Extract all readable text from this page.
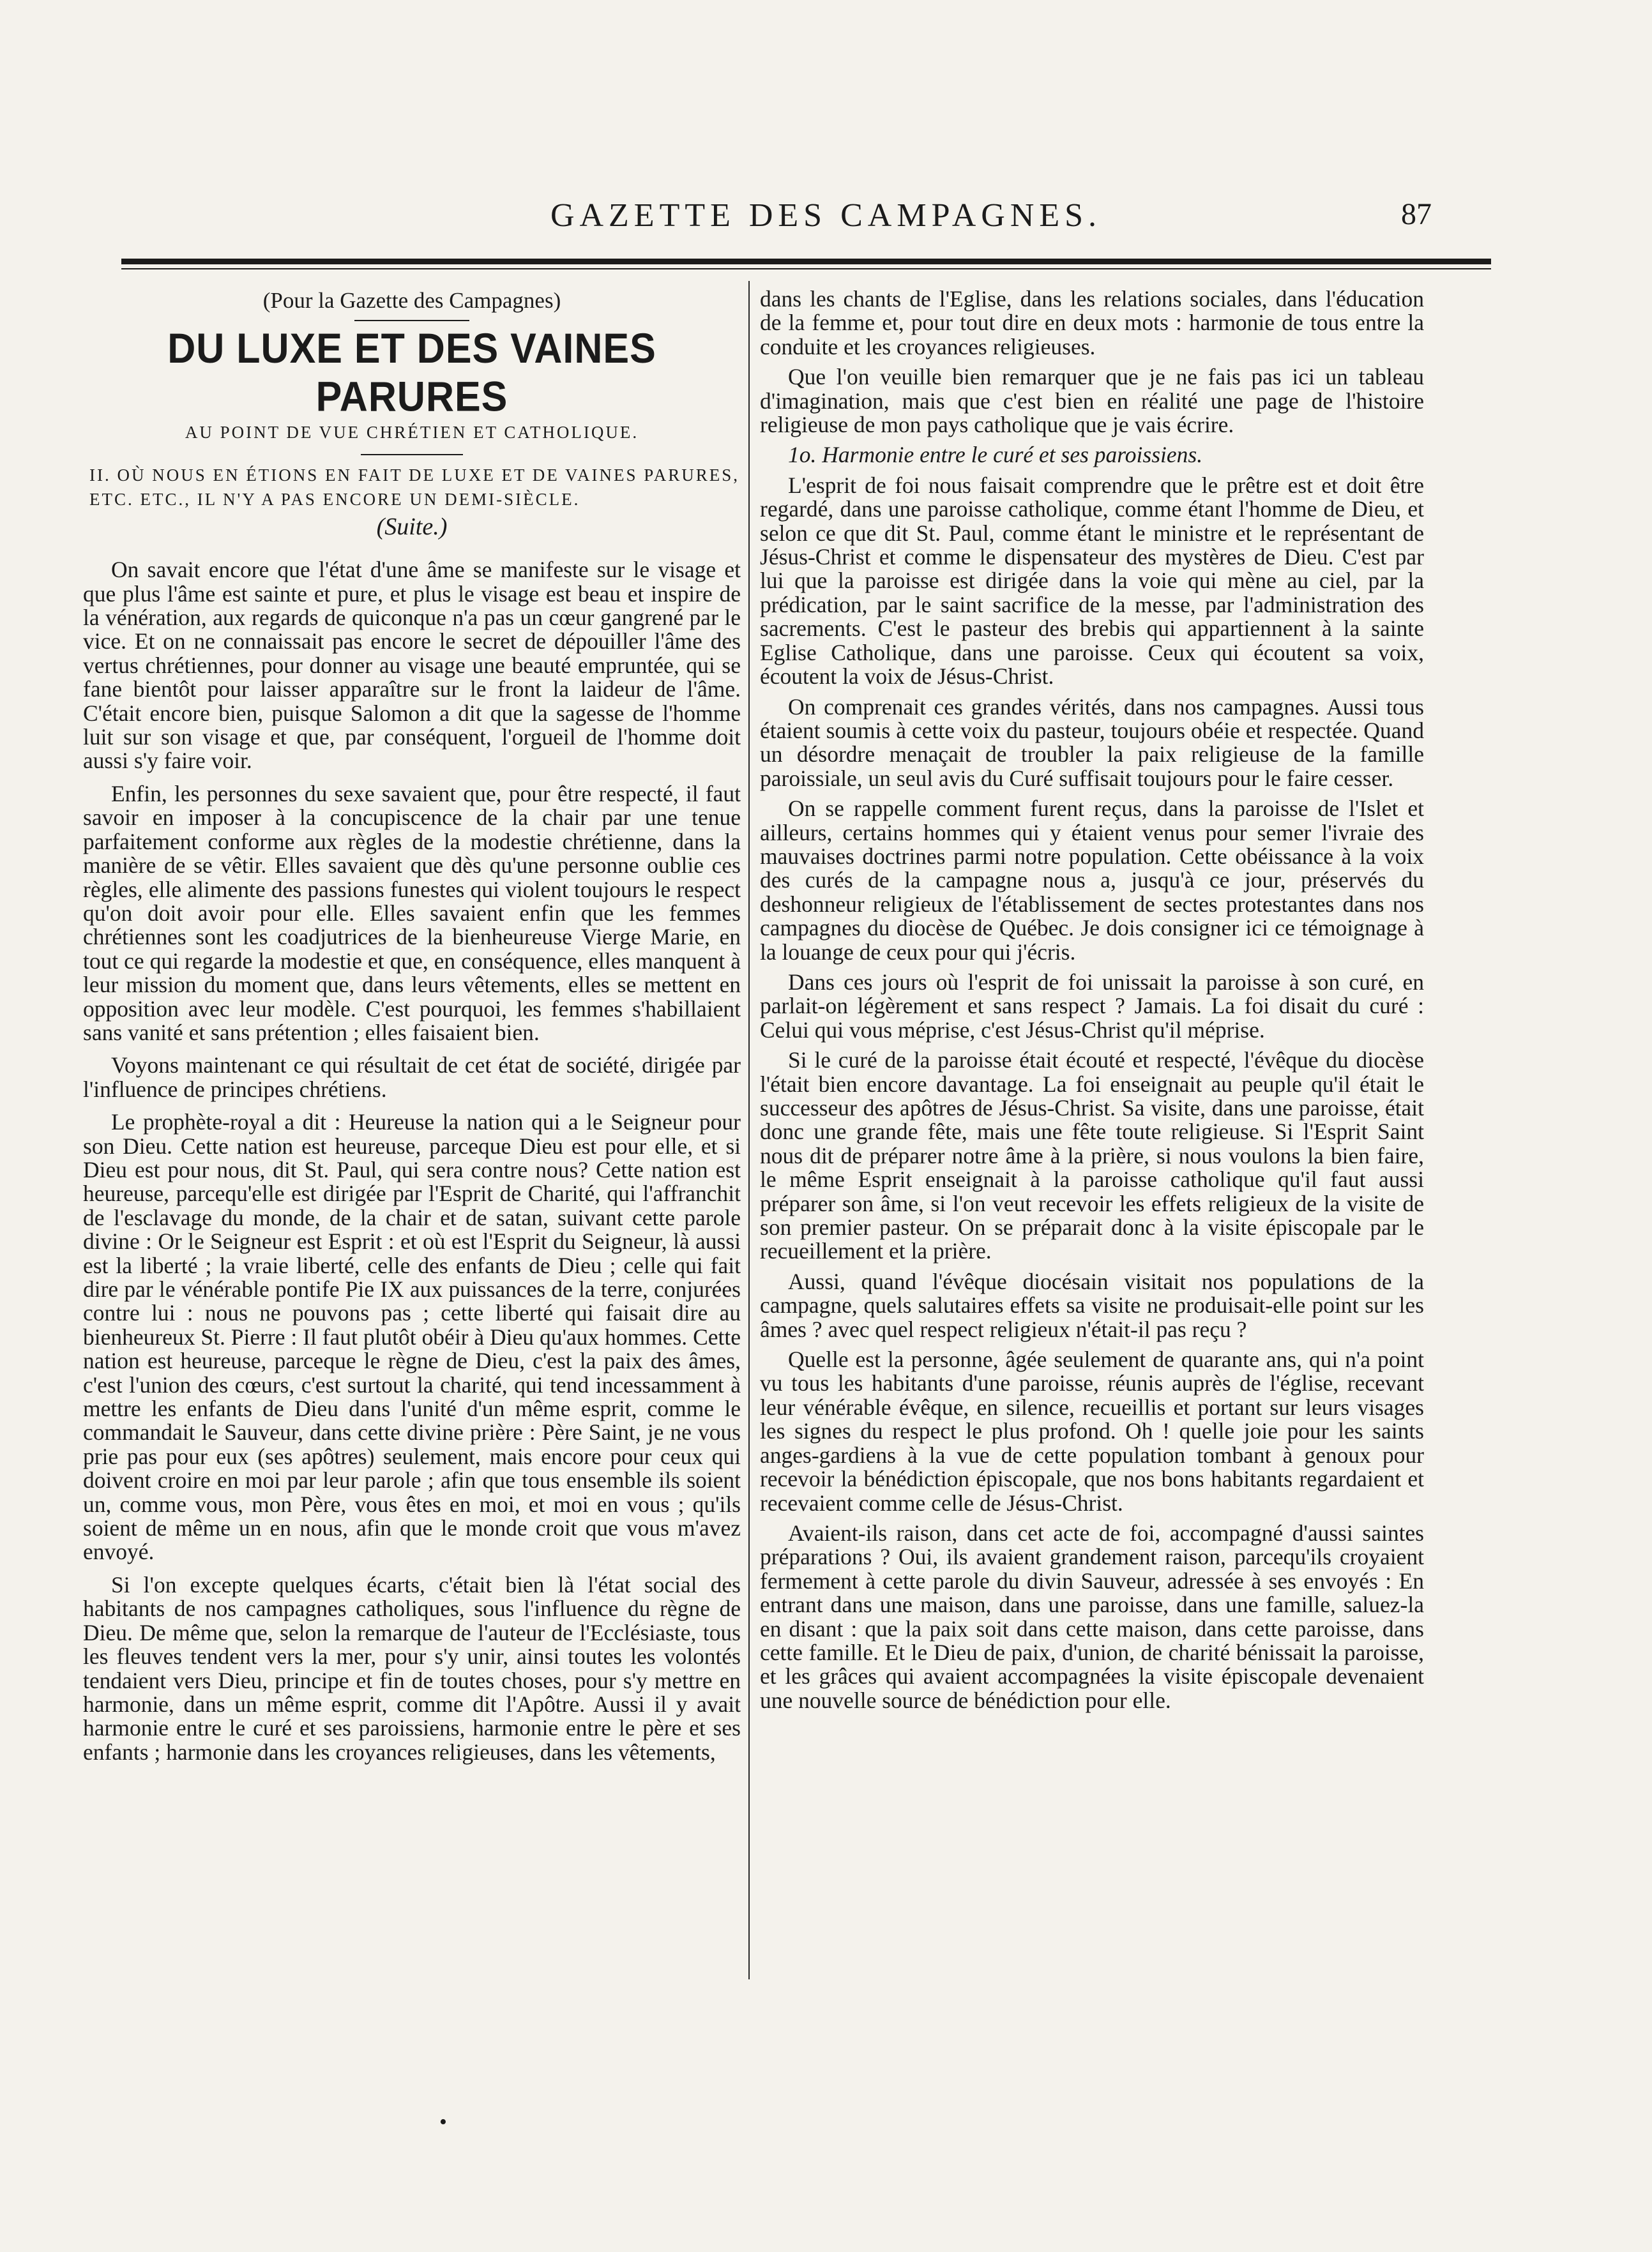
GAZETTE DES CAMPAGNES.	87
(Pour la Gazette des Campagnes)
DU LUXE ET DES VAINES PARURES
AU POINT DE VUE CHRÉTIEN ET CATHOLIQUE.
II. OÙ NOUS EN ÉTIONS EN FAIT DE LUXE ET DE VAINES PARURES, ETC. ETC., IL N'Y A PAS ENCORE UN DEMI-SIÈCLE.
(Suite.)

On savait encore que l'état d'une âme se manifeste sur le visage et que plus l'âme est sainte et pure, et plus le visage est beau et inspire de la vénération, aux regards de quiconque n'a pas un cœur gangrené par le vice. Et on ne connaissait pas encore le secret de dépouiller l'âme des vertus chrétiennes, pour donner au visage une beauté empruntée, qui se fane bientôt pour laisser apparaître sur le front la laideur de l'âme. C'était encore bien, puisque Salomon a dit que la sagesse de l'homme luit sur son visage et que, par conséquent, l'orgueil de l'homme doit aussi s'y faire voir.

Enfin, les personnes du sexe savaient que, pour être respecté, il faut savoir en imposer à la concupiscence de la chair par une tenue parfaitement conforme aux règles de la modestie chrétienne, dans la manière de se vêtir. Elles savaient que dès qu'une personne oublie ces règles, elle alimente des passions funestes qui violent toujours le respect qu'on doit avoir pour elle. Elles savaient enfin que les femmes chrétiennes sont les coadjutrices de la bienheureuse Vierge Marie, en tout ce qui regarde la modestie et que, en conséquence, elles manquent à leur mission du moment que, dans leurs vêtements, elles se mettent en opposition avec leur modèle. C'est pourquoi, les femmes s'habillaient sans vanité et sans prétention ; elles faisaient bien.

Voyons maintenant ce qui résultait de cet état de société, dirigée par l'influence de principes chrétiens.

Le prophète-royal a dit : Heureuse la nation qui a le Seigneur pour son Dieu. Cette nation est heureuse, parceque Dieu est pour elle, et si Dieu est pour nous, dit St. Paul, qui sera contre nous? Cette nation est heureuse, parcequ'elle est dirigée par l'Esprit de Charité, qui l'affranchit de l'esclavage du monde, de la chair et de satan, suivant cette parole divine : Or le Seigneur est Esprit : et où est l'Esprit du Seigneur, là aussi est la liberté ; la vraie liberté, celle des enfants de Dieu ; celle qui fait dire par le vénérable pontife Pie IX aux puissances de la terre, conjurées contre lui : nous ne pouvons pas ; cette liberté qui faisait dire au bienheureux St. Pierre : Il faut plutôt obéir à Dieu qu'aux hommes. Cette nation est heureuse, parceque le règne de Dieu, c'est la paix des âmes, c'est l'union des cœurs, c'est surtout la charité, qui tend incessamment à mettre les enfants de Dieu dans l'unité d'un même esprit, comme le commandait le Sauveur, dans cette divine prière : Père Saint, je ne vous prie pas pour eux (ses apôtres) seulement, mais encore pour ceux qui doivent croire en moi par leur parole ; afin que tous ensemble ils soient un, comme vous, mon Père, vous êtes en moi, et moi en vous ; qu'ils soient de même un en nous, afin que le monde croit que vous m'avez envoyé.

Si l'on excepte quelques écarts, c'était bien là l'état social des habitants de nos campagnes catholiques, sous l'influence du règne de Dieu. De même que, selon la remarque de l'auteur de l'Ecclésiaste, tous les fleuves tendent vers la mer, pour s'y unir, ainsi toutes les volontés tendaient vers Dieu, principe et fin de toutes choses, pour s'y mettre en harmonie, dans un même esprit, comme dit l'Apôtre. Aussi il y avait harmonie entre le curé et ses paroissiens, harmonie entre le père et ses enfants ; harmonie dans les croyances religieuses, dans les vêtements,

dans les chants de l'Eglise, dans les relations sociales, dans l'éducation de la femme et, pour tout dire en deux mots : harmonie de tous entre la conduite et les croyances religieuses.

Que l'on veuille bien remarquer que je ne fais pas ici un tableau d'imagination, mais que c'est bien en réalité une page de l'histoire religieuse de mon pays catholique que je vais écrire.

1o. Harmonie entre le curé et ses paroissiens.

L'esprit de foi nous faisait comprendre que le prêtre est et doit être regardé, dans une paroisse catholique, comme étant l'homme de Dieu, et selon ce que dit St. Paul, comme étant le ministre et le représentant de Jésus-Christ et comme le dispensateur des mystères de Dieu. C'est par lui que la paroisse est dirigée dans la voie qui mène au ciel, par la prédication, par le saint sacrifice de la messe, par l'administration des sacrements. C'est le pasteur des brebis qui appartiennent à la sainte Eglise Catholique, dans une paroisse. Ceux qui écoutent sa voix, écoutent la voix de Jésus-Christ.

On comprenait ces grandes vérités, dans nos campagnes. Aussi tous étaient soumis à cette voix du pasteur, toujours obéie et respectée. Quand un désordre menaçait de troubler la paix religieuse de la famille paroissiale, un seul avis du Curé suffisait toujours pour le faire cesser.

On se rappelle comment furent reçus, dans la paroisse de l'Islet et ailleurs, certains hommes qui y étaient venus pour semer l'ivraie des mauvaises doctrines parmi notre population. Cette obéissance à la voix des curés de la campagne nous a, jusqu'à ce jour, préservés du deshonneur religieux de l'établissement de sectes protestantes dans nos campagnes du diocèse de Québec. Je dois consigner ici ce témoignage à la louange de ceux pour qui j'écris.

Dans ces jours où l'esprit de foi unissait la paroisse à son curé, en parlait-on légèrement et sans respect ? Jamais. La foi disait du curé : Celui qui vous méprise, c'est Jésus-Christ qu'il méprise.

Si le curé de la paroisse était écouté et respecté, l'évêque du diocèse l'était bien encore davantage. La foi enseignait au peuple qu'il était le successeur des apôtres de Jésus-Christ. Sa visite, dans une paroisse, était donc une grande fête, mais une fête toute religieuse. Si l'Esprit Saint nous dit de préparer notre âme à la prière, si nous voulons la bien faire, le même Esprit enseignait à la paroisse catholique qu'il faut aussi préparer son âme, si l'on veut recevoir les effets religieux de la visite de son premier pasteur. On se préparait donc à la visite épiscopale par le recueillement et la prière.

Aussi, quand l'évêque diocésain visitait nos populations de la campagne, quels salutaires effets sa visite ne produisait-elle point sur les âmes ? avec quel respect religieux n'était-il pas reçu ?

Quelle est la personne, âgée seulement de quarante ans, qui n'a point vu tous les habitants d'une paroisse, réunis auprès de l'église, recevant leur vénérable évêque, en silence, recueillis et portant sur leurs visages les signes du respect le plus profond. Oh ! quelle joie pour les saints anges-gardiens à la vue de cette population tombant à genoux pour recevoir la bénédiction épiscopale, que nos bons habitants regardaient et recevaient comme celle de Jésus-Christ.

Avaient-ils raison, dans cet acte de foi, accompagné d'aussi saintes préparations ? Oui, ils avaient grandement raison, parcequ'ils croyaient fermement à cette parole du divin Sauveur, adressée à ses envoyés : En entrant dans une maison, dans une paroisse, dans une famille, saluez-la en disant : que la paix soit dans cette maison, dans cette paroisse, dans cette famille. Et le Dieu de paix, d'union, de charité bénissait la paroisse, et les grâces qui avaient accompagnées la visite épiscopale devenaient une nouvelle source de bénédiction pour elle.

•
